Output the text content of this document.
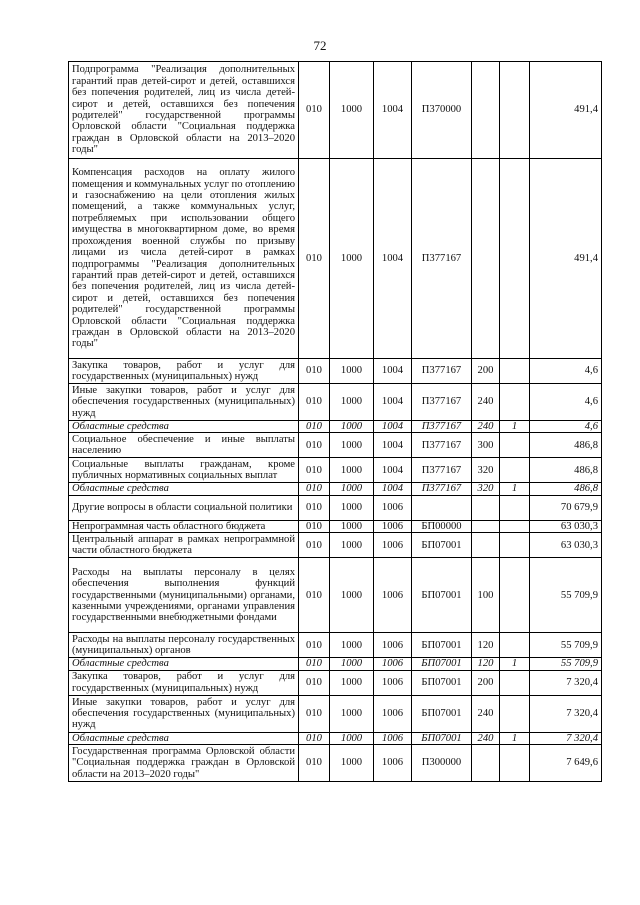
72
Подпрограмма "Реализация дополнительных гарантий прав детей-сирот и детей, оставшихся без попечения родителей, лиц из числа детей-сирот и детей, оставшихся без попечения родителей" государственной программы Орловской области "Социальная поддержка граждан в Орловской области на 2013–2020 годы"	010	1000	1004	П370000			491,4
Компенсация расходов на оплату жилого помещения и коммунальных услуг по отоплению и газоснабжению на цели отопления жилых помещений, а также коммунальных услуг, потребляемых при использовании общего имущества в многоквартирном доме, во время прохождения военной службы по призыву лицами из числа детей-сирот в рамках подпрограммы "Реализация дополнительных гарантий прав детей-сирот и детей, оставшихся без попечения родителей, лиц из числа детей-сирот и детей, оставшихся без попечения родителей" государственной программы Орловской области "Социальная поддержка граждан в Орловской области на 2013–2020 годы"	010	1000	1004	П377167			491,4
Закупка товаров, работ и услуг для государственных (муниципальных) нужд	010	1000	1004	П377167	200		4,6
Иные закупки товаров, работ и услуг для обеспечения государственных (муниципальных) нужд	010	1000	1004	П377167	240		4,6
Областные средства	010	1000	1004	П377167	240	1	4,6
Социальное обеспечение и иные выплаты населению	010	1000	1004	П377167	300		486,8
Социальные выплаты гражданам, кроме публичных нормативных социальных выплат	010	1000	1004	П377167	320		486,8
Областные средства	010	1000	1004	П377167	320	1	486,8
Другие вопросы в области социальной политики	010	1000	1006				70 679,9
Непрограммная часть областного бюджета	010	1000	1006	БП00000			63 030,3
Центральный аппарат в рамках непрограммной части областного бюджета	010	1000	1006	БП07001			63 030,3
Расходы на выплаты персоналу в целях обеспечения выполнения функций государственными (муниципальными) органами, казенными учреждениями, органами управления государственными внебюджетными фондами	010	1000	1006	БП07001	100		55 709,9
Расходы на выплаты персоналу государственных (муниципальных) органов	010	1000	1006	БП07001	120		55 709,9
Областные средства	010	1000	1006	БП07001	120	1	55 709,9
Закупка товаров, работ и услуг для государственных (муниципальных) нужд	010	1000	1006	БП07001	200		7 320,4
Иные закупки товаров, работ и услуг для обеспечения государственных (муниципальных) нужд	010	1000	1006	БП07001	240		7 320,4
Областные средства	010	1000	1006	БП07001	240	1	7 320,4
Государственная программа Орловской области "Социальная поддержка граждан в Орловской области на 2013–2020 годы"	010	1000	1006	П300000			7 649,6
